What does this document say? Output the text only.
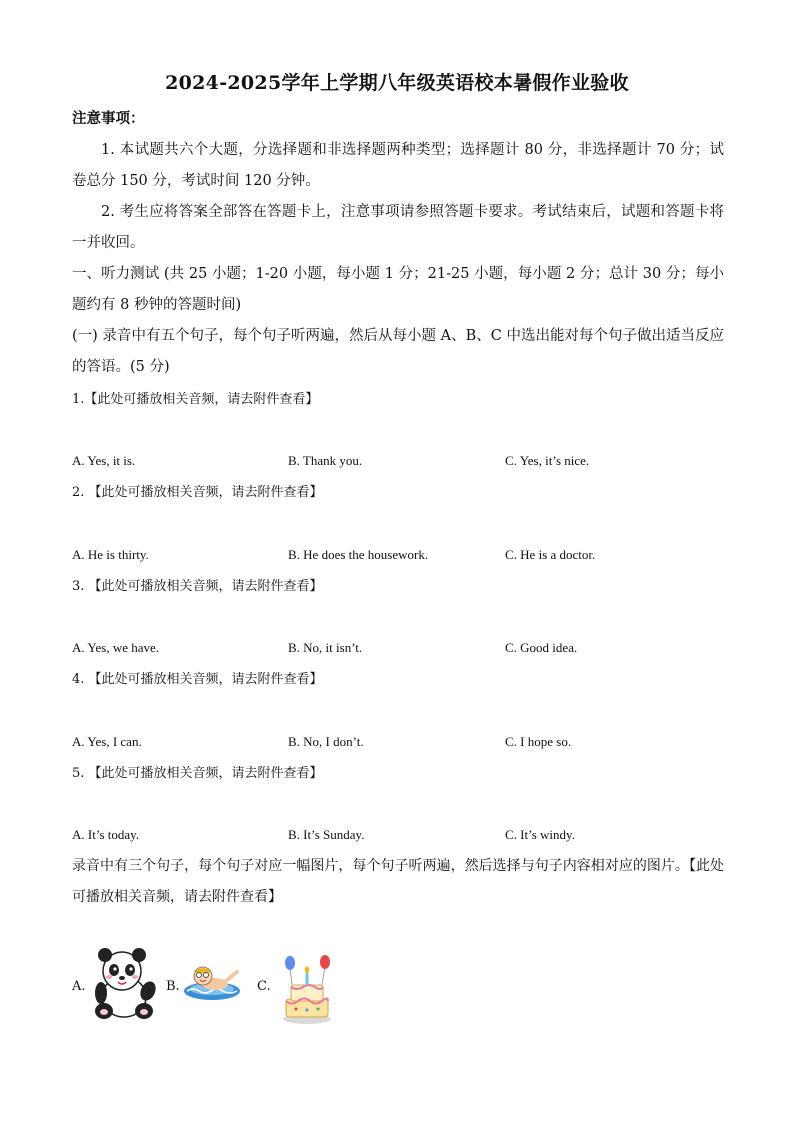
2024-2025学年上学期八年级英语校本暑假作业验收
注意事项：
1. 本试题共六个大题，分选择题和非选择题两种类型；选择题计 80 分，非选择题计 70 分；试卷总分 150 分，考试时间 120 分钟。
2. 考生应将答案全部答在答题卡上，注意事项请参照答题卡要求。考试结束后，试题和答题卡将一并收回。
一、听力测试 (共 25 小题；1-20 小题，每小题 1 分；21-25 小题，每小题 2 分；总计 30 分；每小题约有 8 秒钟的答题时间)
(一) 录音中有五个句子，每个句子听两遍，然后从每小题 A、B、C 中选出能对每个句子做出适当反应的答语。(5 分)
1.【此处可播放相关音频，请去附件查看】
A. Yes, it is.	B. Thank you.	C. Yes, it’s nice.
2. 【此处可播放相关音频，请去附件查看】
A. He is thirty.	B. He does the housework.	C. He is a doctor.
3. 【此处可播放相关音频，请去附件查看】
A. Yes, we have.	B. No, it isn’t.	C. Good idea.
4. 【此处可播放相关音频，请去附件查看】
A. Yes, I can.	B. No, I don’t.	C. I hope so.
5. 【此处可播放相关音频，请去附件查看】
A. It’s today.	B. It’s Sunday.	C. It’s windy.
录音中有三个句子，每个句子对应一幅图片，每个句子听两遍，然后选择与句子内容相对应的图片。【此处可播放相关音频，请去附件查看】
A.	B.	C.
